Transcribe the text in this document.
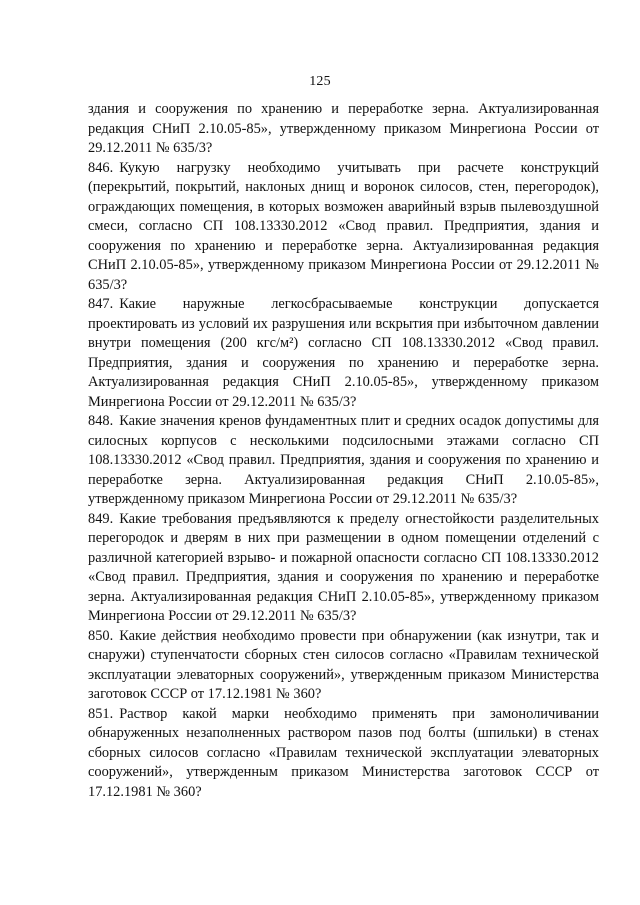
125

здания и сооружения по хранению и переработке зерна. Актуализированная редакция СНиП 2.10.05-85», утвержденному приказом Минрегиона России от 29.12.2011 № 635/3?

846. Кукую нагрузку необходимо учитывать при расчете конструкций (перекрытий, покрытий, наклоных днищ и воронок силосов, стен, перегородок), ограждающих помещения, в которых возможен аварийный взрыв пылевоздушной смеси, согласно СП 108.13330.2012 «Свод правил. Предприятия, здания и сооружения по хранению и переработке зерна. Актуализированная редакция СНиП 2.10.05-85», утвержденному приказом Минрегиона России от 29.12.2011 № 635/3?

847. Какие наружные легкосбрасываемые конструкции допускается проектировать из условий их разрушения или вскрытия при избыточном давлении внутри помещения (200 кгс/м²) согласно СП 108.13330.2012 «Свод правил. Предприятия, здания и сооружения по хранению и переработке зерна. Актуализированная редакция СНиП 2.10.05-85», утвержденному приказом Минрегиона России от 29.12.2011 № 635/3?

848. Какие значения кренов фундаментных плит и средних осадок допустимы для силосных корпусов с несколькими подсилосными этажами согласно СП 108.13330.2012 «Свод правил. Предприятия, здания и сооружения по хранению и переработке зерна. Актуализированная редакция СНиП 2.10.05-85», утвержденному приказом Минрегиона России от 29.12.2011 № 635/3?

849. Какие требования предъявляются к пределу огнестойкости разделительных перегородок и дверям в них при размещении в одном помещении отделений с различной категорией взрыво- и пожарной опасности согласно СП 108.13330.2012 «Свод правил. Предприятия, здания и сооружения по хранению и переработке зерна. Актуализированная редакция СНиП 2.10.05-85», утвержденному приказом Минрегиона России от 29.12.2011 № 635/3?

850. Какие действия необходимо провести при обнаружении (как изнутри, так и снаружи) ступенчатости сборных стен силосов согласно «Правилам технической эксплуатации элеваторных сооружений», утвержденным приказом Министерства заготовок СССР от 17.12.1981 № 360?

851. Раствор какой марки необходимо применять при замоноличивании обнаруженных незаполненных раствором пазов под болты (шпильки) в стенах сборных силосов согласно «Правилам технической эксплуатации элеваторных сооружений», утвержденным приказом Министерства заготовок СССР от 17.12.1981 № 360?
